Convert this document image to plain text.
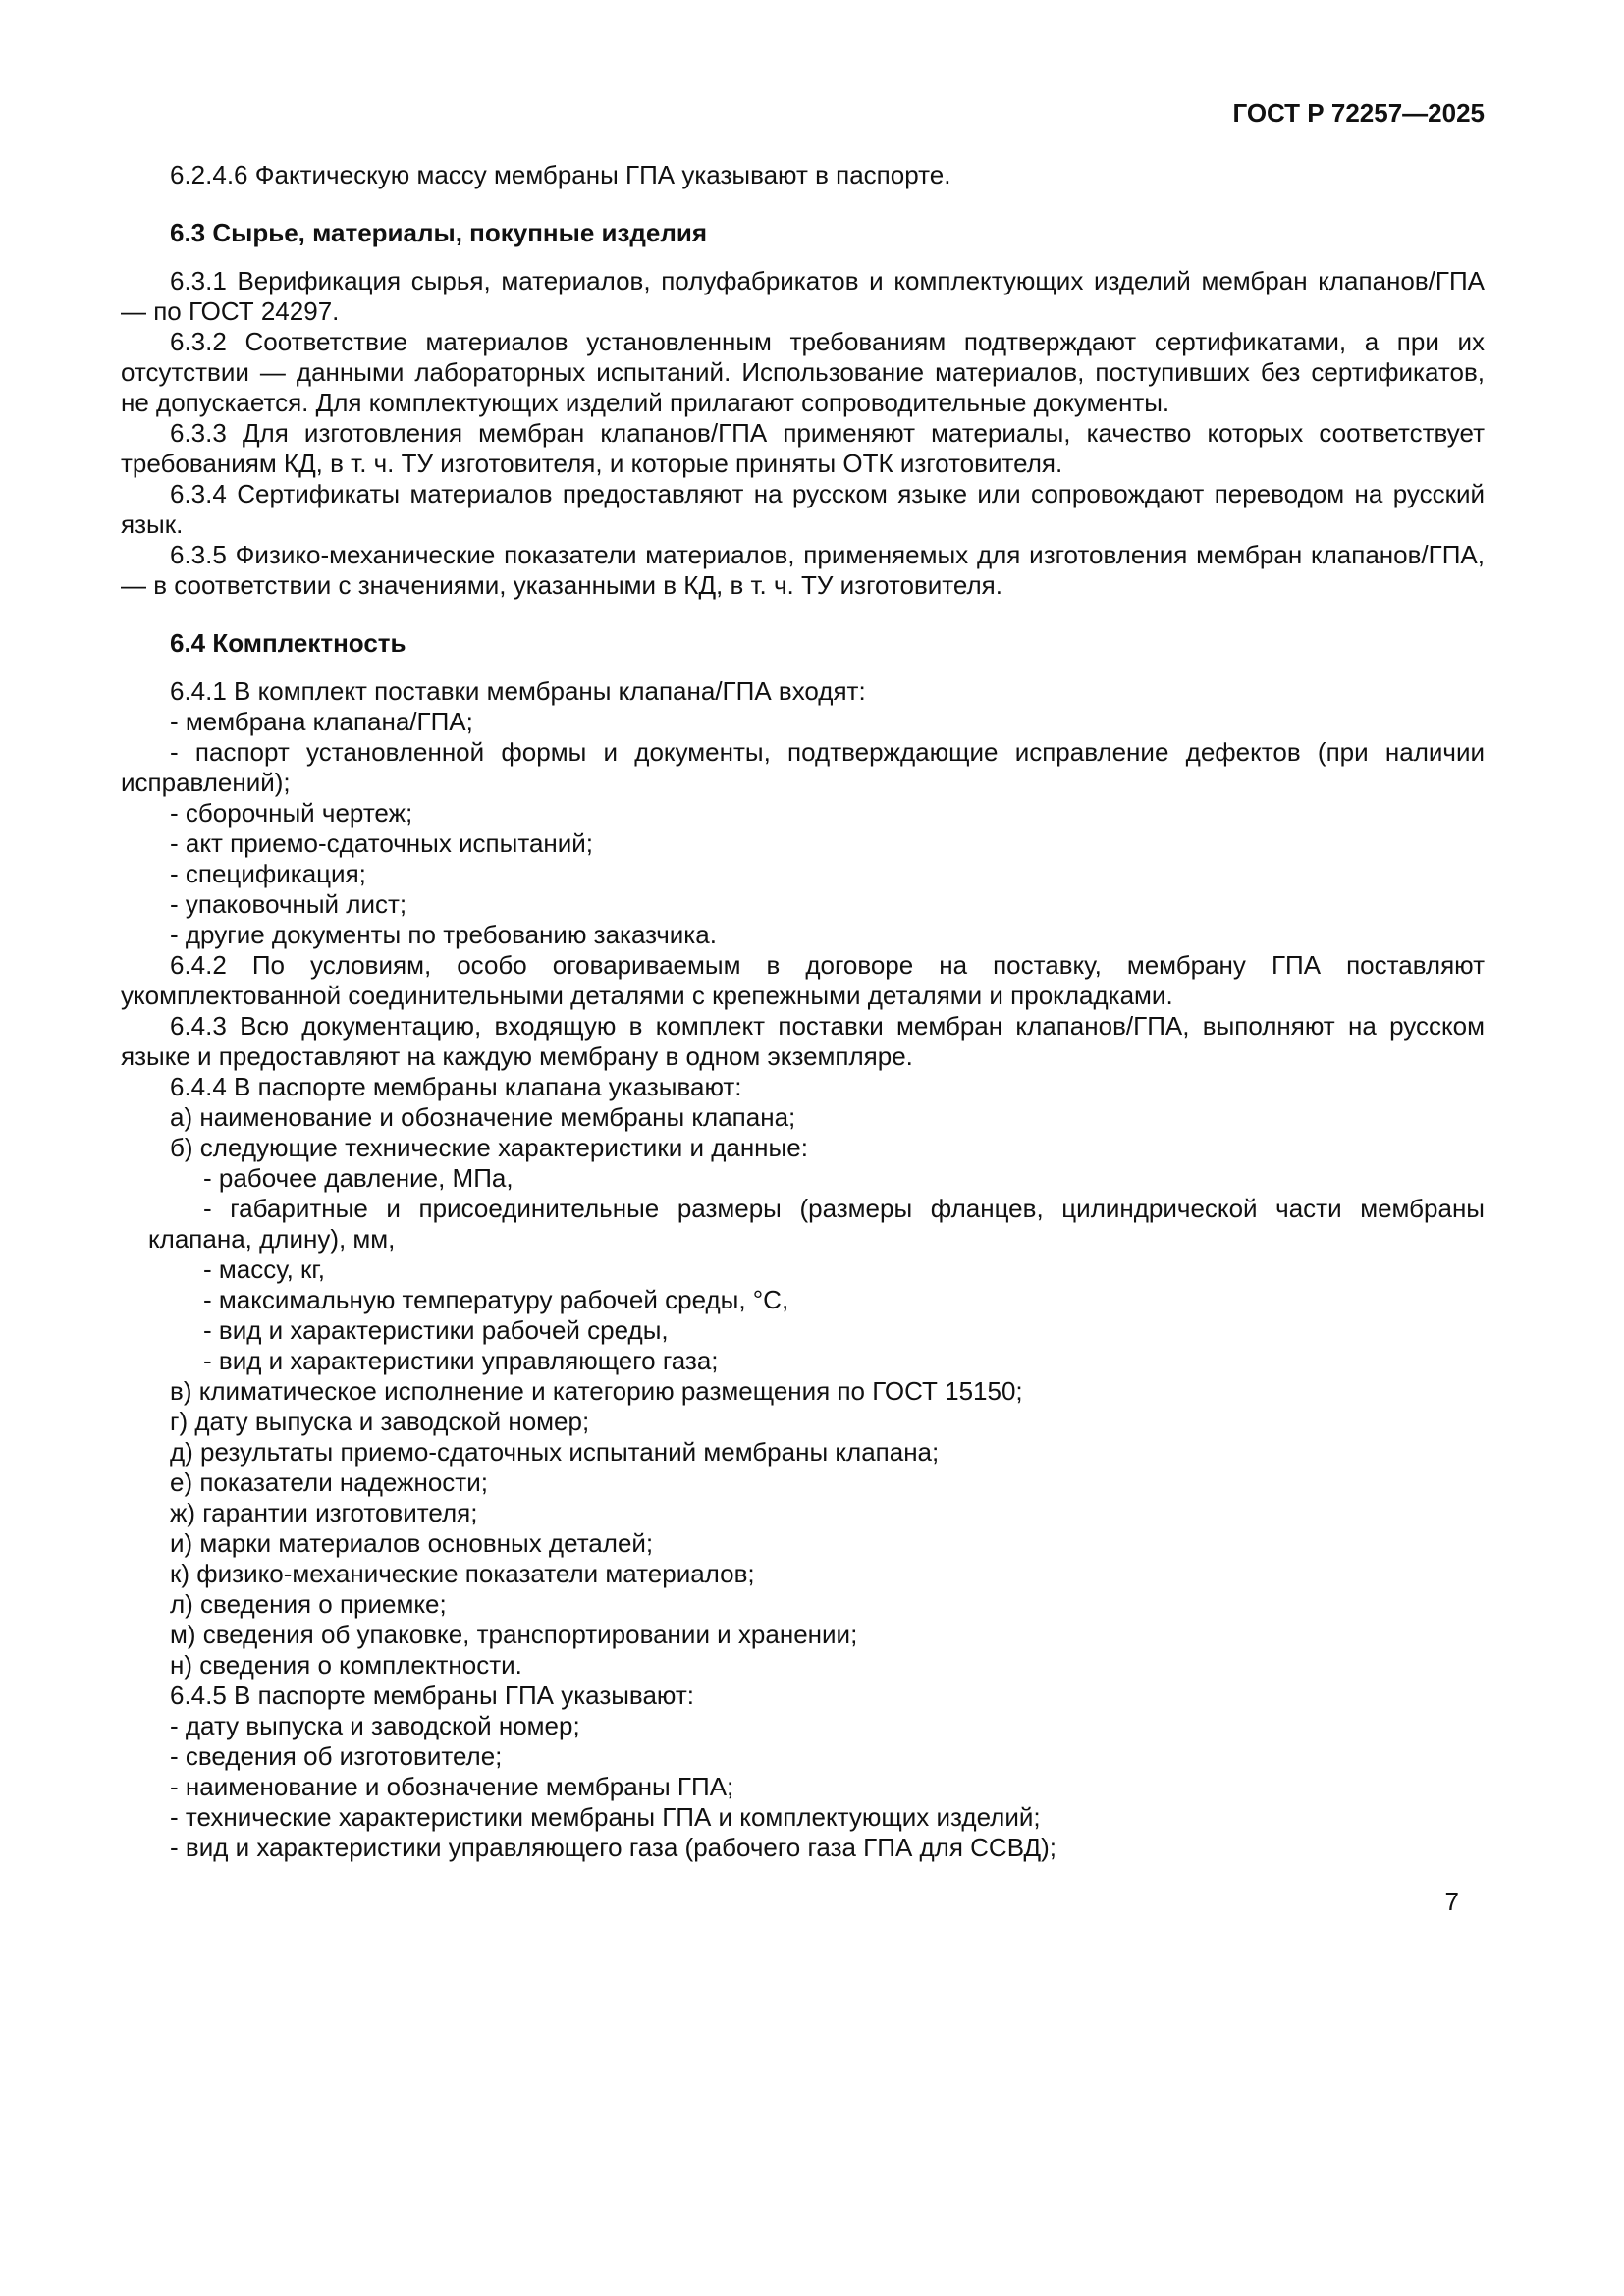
ГОСТ Р 72257—2025

6.2.4.6 Фактическую массу мембраны ГПА указывают в паспорте.

6.3 Сырье, материалы, покупные изделия

6.3.1 Верификация сырья, материалов, полуфабрикатов и комплектующих изделий мембран клапанов/ГПА — по ГОСТ 24297.

6.3.2 Соответствие материалов установленным требованиям подтверждают сертификатами, а при их отсутствии — данными лабораторных испытаний. Использование материалов, поступивших без сертификатов, не допускается. Для комплектующих изделий прилагают сопроводительные документы.

6.3.3 Для изготовления мембран клапанов/ГПА применяют материалы, качество которых соответствует требованиям КД, в т. ч. ТУ изготовителя, и которые приняты ОТК изготовителя.

6.3.4 Сертификаты материалов предоставляют на русском языке или сопровождают переводом на русский язык.

6.3.5 Физико-механические показатели материалов, применяемых для изготовления мембран клапанов/ГПА, — в соответствии с значениями, указанными в КД, в т. ч. ТУ изготовителя.

6.4 Комплектность

6.4.1 В комплект поставки мембраны клапана/ГПА входят:

- мембрана клапана/ГПА;

- паспорт установленной формы и документы, подтверждающие исправление дефектов (при наличии исправлений);

- сборочный чертеж;

- акт приемо-сдаточных испытаний;

- спецификация;

- упаковочный лист;

- другие документы по требованию заказчика.

6.4.2 По условиям, особо оговариваемым в договоре на поставку, мембрану ГПА поставляют укомплектованной соединительными деталями с крепежными деталями и прокладками.

6.4.3 Всю документацию, входящую в комплект поставки мембран клапанов/ГПА, выполняют на русском языке и предоставляют на каждую мембрану в одном экземпляре.

6.4.4 В паспорте мембраны клапана указывают:

а) наименование и обозначение мембраны клапана;

б) следующие технические характеристики и данные:

- рабочее давление, МПа,

- габаритные и присоединительные размеры (размеры фланцев, цилиндрической части мембраны клапана, длину), мм,

- массу, кг,

- максимальную температуру рабочей среды, °С,

- вид и характеристики рабочей среды,

- вид и характеристики управляющего газа;

в) климатическое исполнение и категорию размещения по ГОСТ 15150;

г) дату выпуска и заводской номер;

д) результаты приемо-сдаточных испытаний мембраны клапана;

е) показатели надежности;

ж) гарантии изготовителя;

и) марки материалов основных деталей;

к) физико-механические показатели материалов;

л) сведения о приемке;

м) сведения об упаковке, транспортировании и хранении;

н) сведения о комплектности.

6.4.5 В паспорте мембраны ГПА указывают:

- дату выпуска и заводской номер;

- сведения об изготовителе;

- наименование и обозначение мембраны ГПА;

- технические характеристики мембраны ГПА и комплектующих изделий;

- вид и характеристики управляющего газа (рабочего газа ГПА для ССВД);

7
